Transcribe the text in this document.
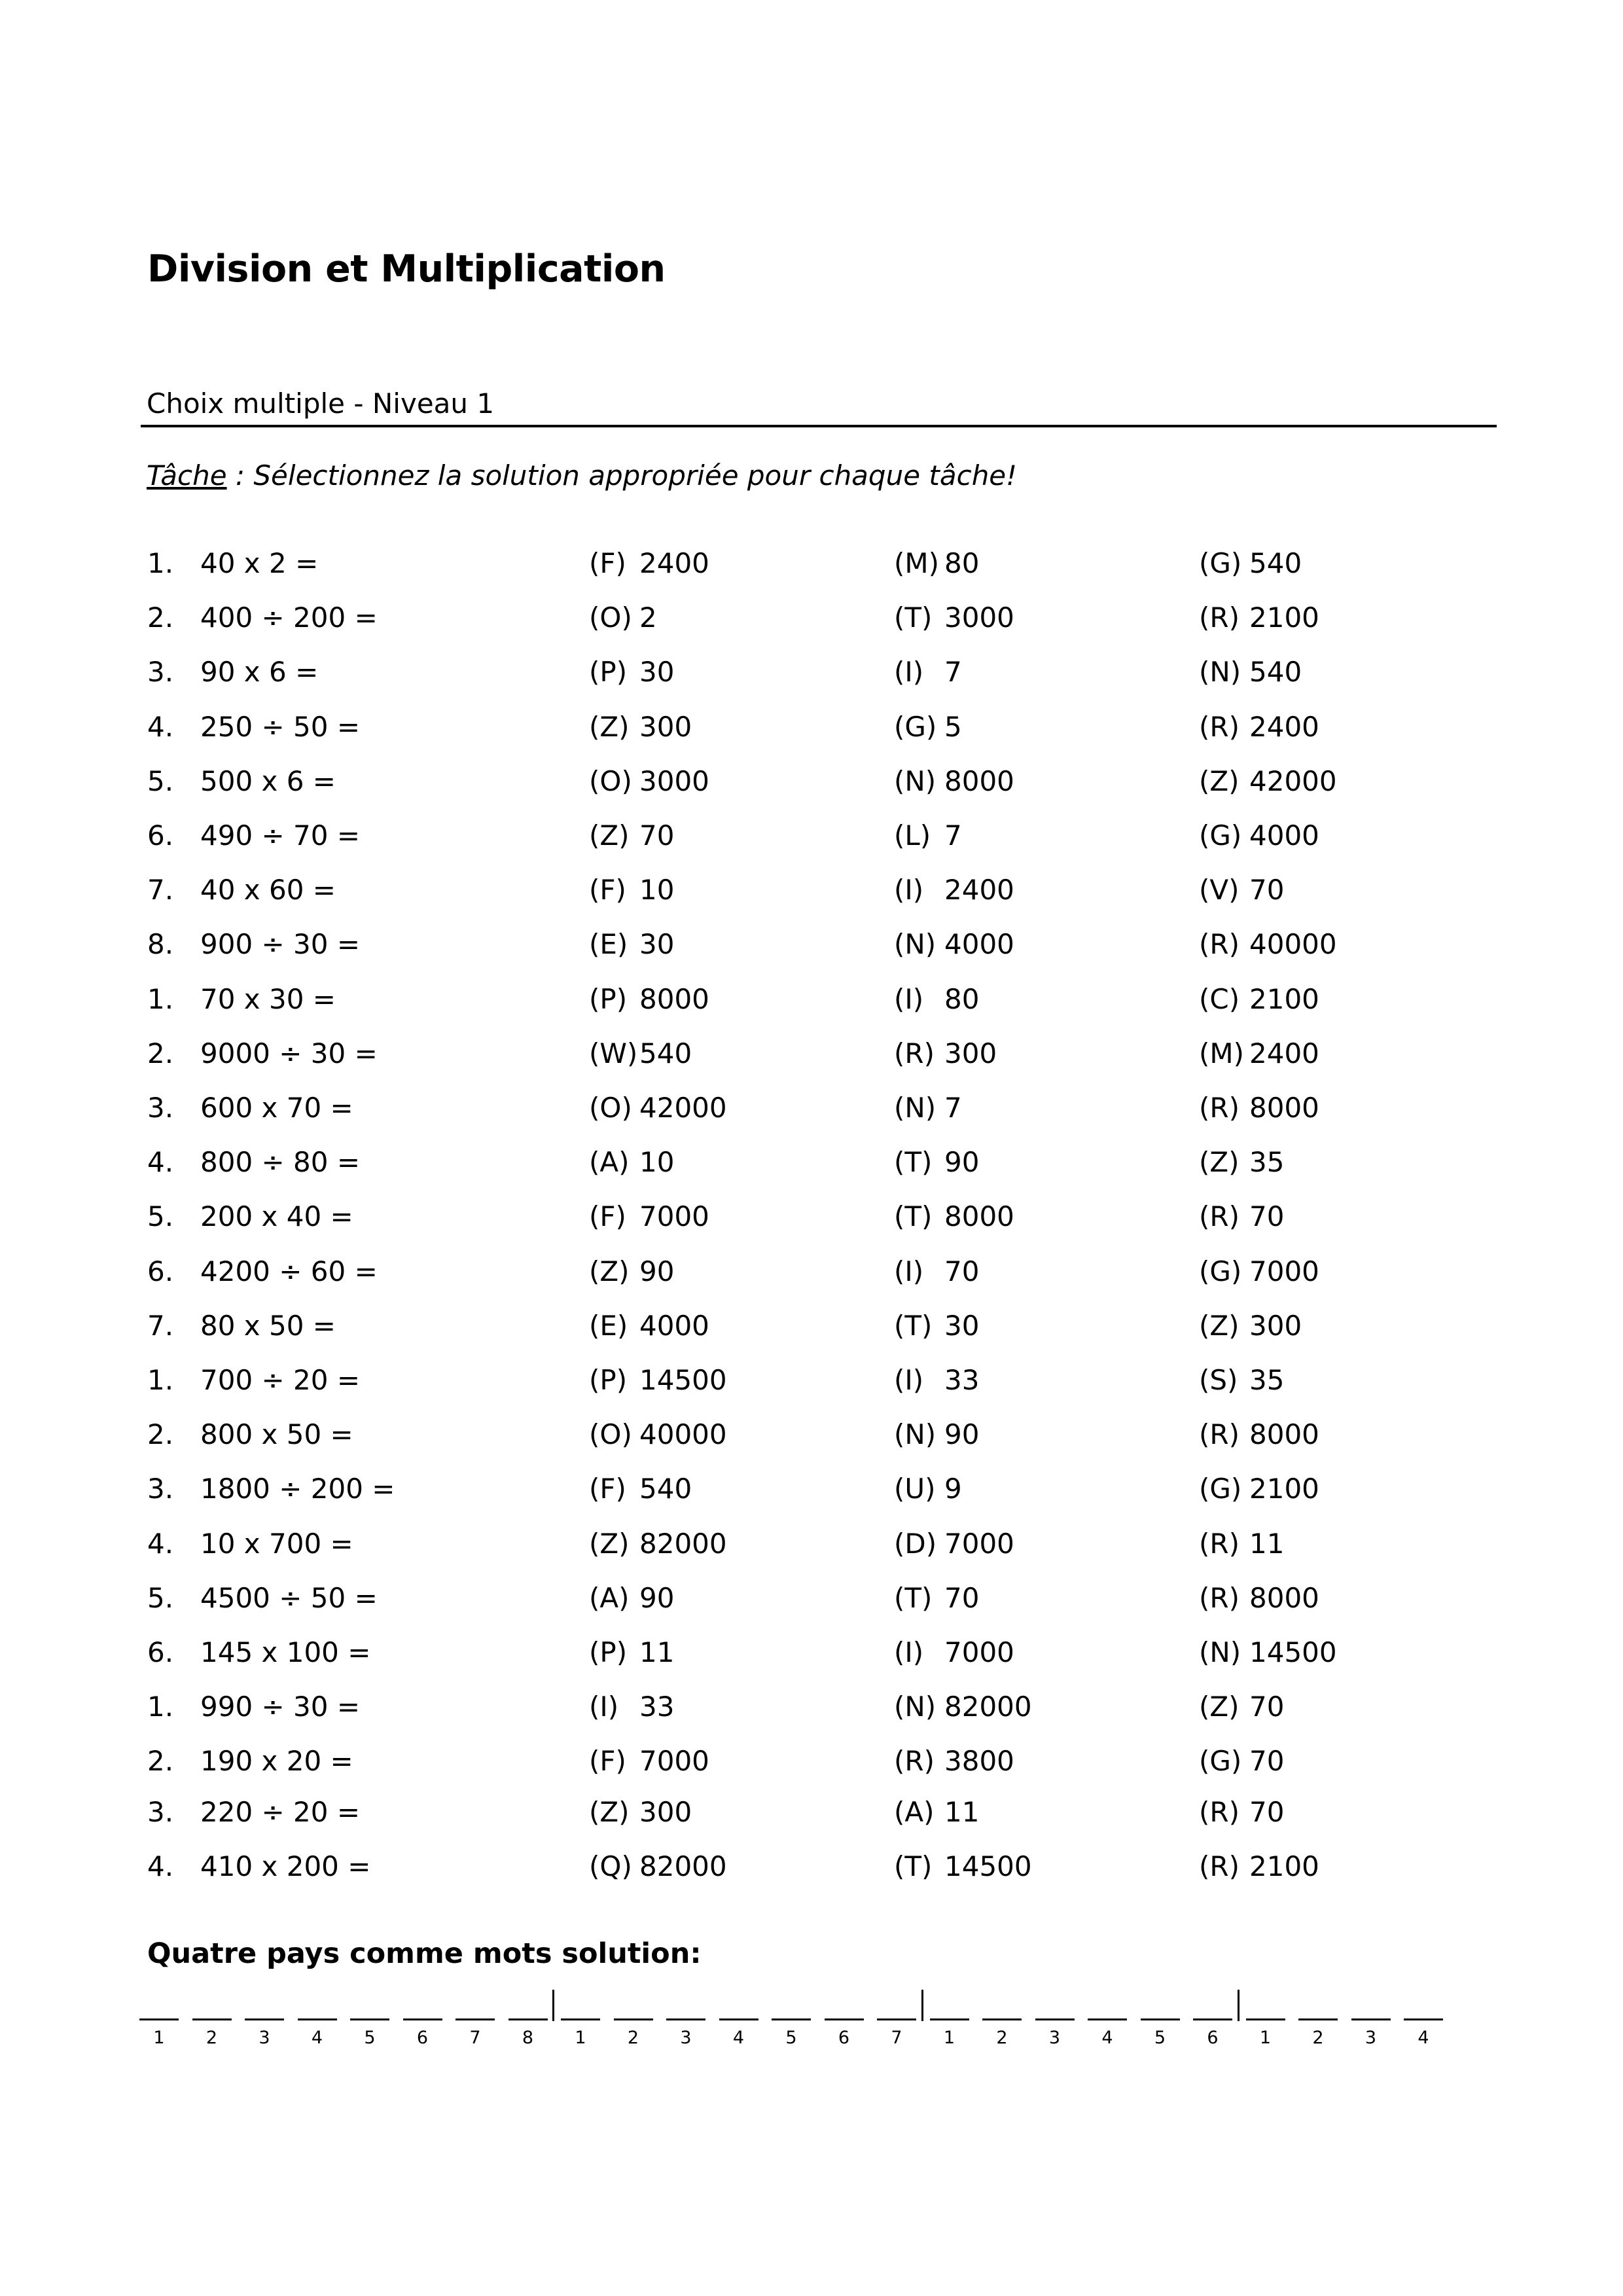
Division et Multiplication
Choix multiple - Niveau 1
Tâche : Sélectionnez la solution appropriée pour chaque tâche!
1. 40 x 2 =	(F) 2400	(M) 80	(G) 540
2. 400 ÷ 200 =	(O) 2	(T) 3000	(R) 2100
3. 90 x 6 =	(P) 30	(I) 7	(N) 540
4. 250 ÷ 50 =	(Z) 300	(G) 5	(R) 2400
5. 500 x 6 =	(O) 3000	(N) 8000	(Z) 42000
6. 490 ÷ 70 =	(Z) 70	(L) 7	(G) 4000
7. 40 x 60 =	(F) 10	(I) 2400	(V) 70
8. 900 ÷ 30 =	(E) 30	(N) 4000	(R) 40000
1. 70 x 30 =	(P) 8000	(I) 80	(C) 2100
2. 9000 ÷ 30 =	(W)540	(R) 300	(M) 2400
3. 600 x 70 =	(O) 42000	(N) 7	(R) 8000
4. 800 ÷ 80 =	(A) 10	(T) 90	(Z) 35
5. 200 x 40 =	(F) 7000	(T) 8000	(R) 70
6. 4200 ÷ 60 =	(Z) 90	(I) 70	(G) 7000
7. 80 x 50 =	(E) 4000	(T) 30	(Z) 300
1. 700 ÷ 20 =	(P) 14500	(I) 33	(S) 35
2. 800 x 50 =	(O) 40000	(N) 90	(R) 8000
3. 1800 ÷ 200 =	(F) 540	(U) 9	(G) 2100
4. 10 x 700 =	(Z) 82000	(D) 7000	(R) 11
5. 4500 ÷ 50 =	(A) 90	(T) 70	(R) 8000
6. 145 x 100 =	(P) 11	(I) 7000	(N) 14500
1. 990 ÷ 30 =	(I) 33	(N) 82000	(Z) 70
2. 190 x 20 =	(F) 7000	(R) 3800	(G) 70
3. 220 ÷ 20 =	(Z) 300	(A) 11	(R) 70
4. 410 x 200 =	(Q) 82000	(T) 14500	(R) 2100
Quatre pays comme mots solution:
1	2	3	4	5	6	7	8	1	2	3	4	5	6	7	1	2	3	4	5	6	1	2	3	4
